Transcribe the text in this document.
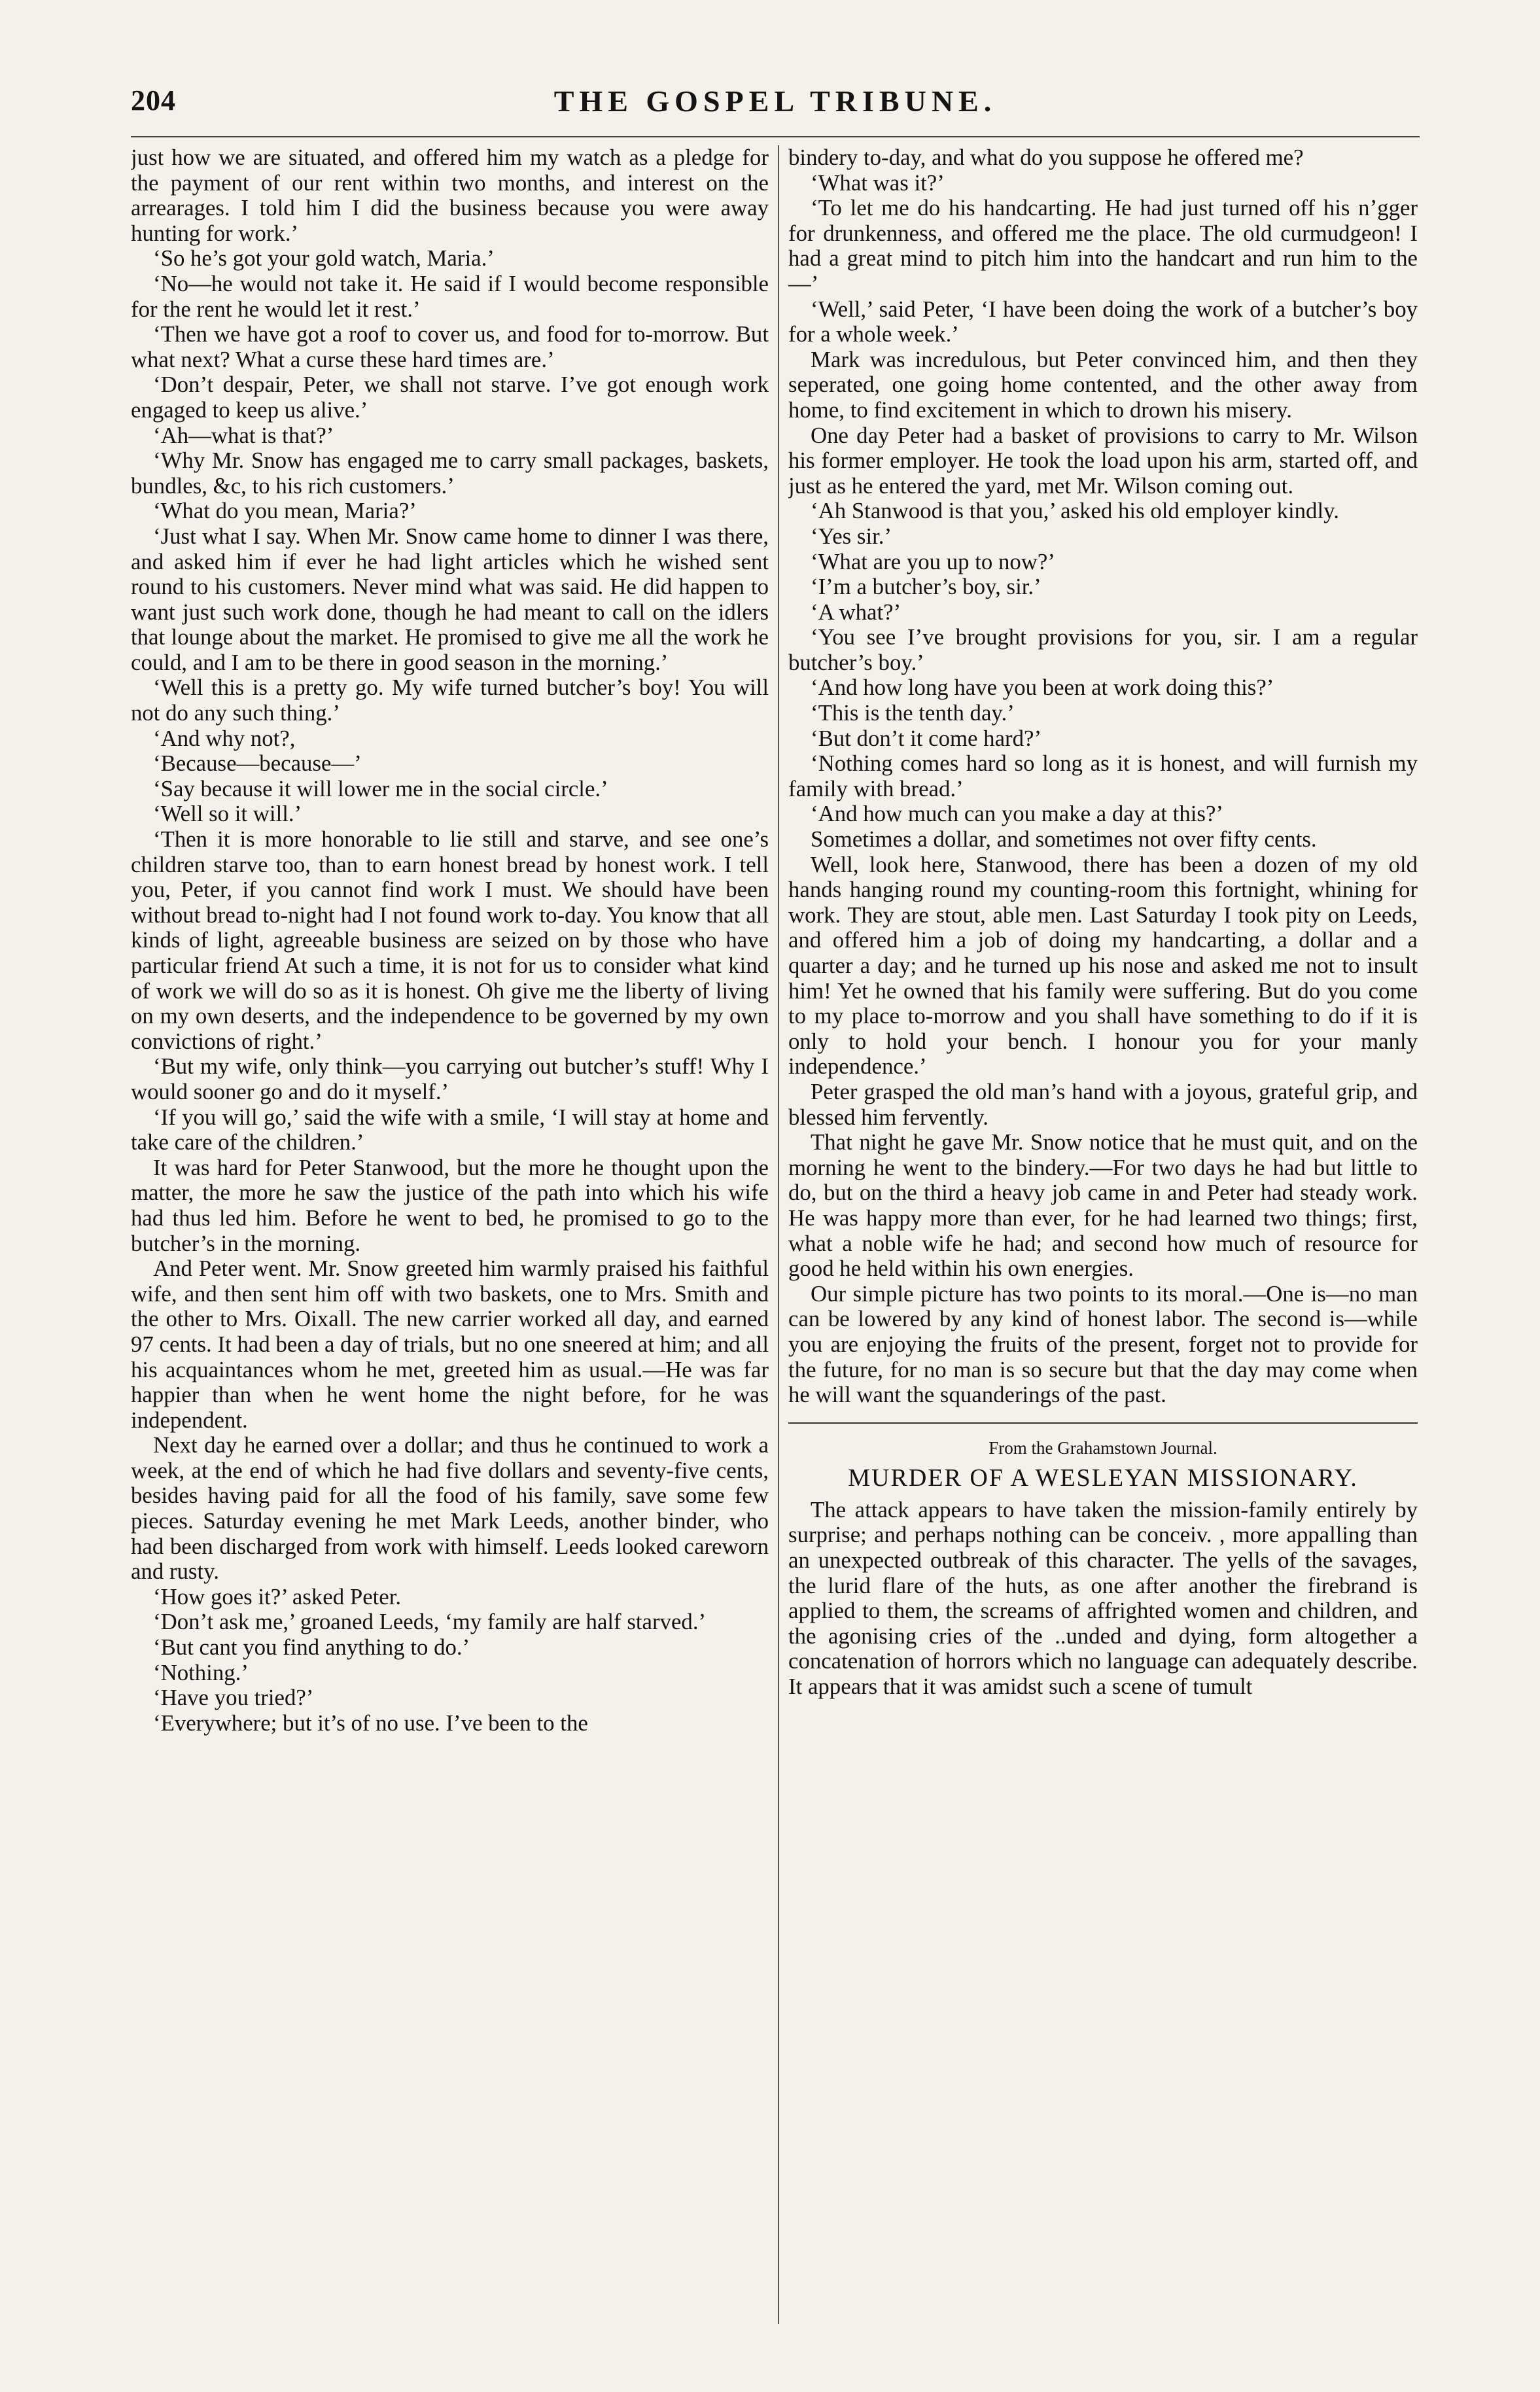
204	THE GOSPEL TRIBUNE.

just how we are situated, and offered him my watch as a pledge for the payment of our rent within two months, and interest on the arrearages. I told him I did the business because you were away hunting for work.’

‘So he’s got your gold watch, Maria.’

‘No—he would not take it. He said if I would become responsible for the rent he would let it rest.’

‘Then we have got a roof to cover us, and food for to-morrow. But what next? What a curse these hard times are.’

‘Don’t despair, Peter, we shall not starve. I’ve got enough work engaged to keep us alive.’

‘Ah—what is that?’

‘Why Mr. Snow has engaged me to carry small packages, baskets, bundles, &c, to his rich customers.’

‘What do you mean, Maria?’

‘Just what I say. When Mr. Snow came home to dinner I was there, and asked him if ever he had light articles which he wished sent round to his customers. Never mind what was said. He did happen to want just such work done, though he had meant to call on the idlers that lounge about the market. He promised to give me all the work he could, and I am to be there in good season in the morning.’

‘Well this is a pretty go. My wife turned butcher’s boy! You will not do any such thing.’

‘And why not?,

‘Because—because—’

‘Say because it will lower me in the social circle.’

‘Well so it will.’

‘Then it is more honorable to lie still and starve, and see one’s children starve too, than to earn honest bread by honest work. I tell you, Peter, if you cannot find work I must. We should have been without bread to-night had I not found work to-day. You know that all kinds of light, agreeable business are seized on by those who have particular friend At such a time, it is not for us to consider what kind of work we will do so as it is honest. Oh give me the liberty of living on my own deserts, and the independence to be governed by my own convictions of right.’

‘But my wife, only think—you carrying out butcher’s stuff! Why I would sooner go and do it myself.’

‘If you will go,’ said the wife with a smile, ‘I will stay at home and take care of the children.’

It was hard for Peter Stanwood, but the more he thought upon the matter, the more he saw the justice of the path into which his wife had thus led him. Before he went to bed, he promised to go to the butcher’s in the morning.

And Peter went. Mr. Snow greeted him warmly praised his faithful wife, and then sent him off with two baskets, one to Mrs. Smith and the other to Mrs. Oixall. The new carrier worked all day, and earned 97 cents. It had been a day of trials, but no one sneered at him; and all his acquaintances whom he met, greeted him as usual.—He was far happier than when he went home the night before, for he was independent.

Next day he earned over a dollar; and thus he continued to work a week, at the end of which he had five dollars and seventy-five cents, besides having paid for all the food of his family, save some few pieces. Saturday evening he met Mark Leeds, another binder, who had been discharged from work with himself. Leeds looked careworn and rusty.

‘How goes it?’ asked Peter.

‘Don’t ask me,’ groaned Leeds, ‘my family are half starved.’

‘But cant you find anything to do.’

‘Nothing.’

‘Have you tried?’

‘Everywhere; but it’s of no use. I’ve been to the

bindery to-day, and what do you suppose he offered me?

‘What was it?’

‘To let me do his handcarting. He had just turned off his n’gger for drunkenness, and offered me the place. The old curmudgeon! I had a great mind to pitch him into the handcart and run him to the—’

‘Well,’ said Peter, ‘I have been doing the work of a butcher’s boy for a whole week.’

Mark was incredulous, but Peter convinced him, and then they seperated, one going home contented, and the other away from home, to find excitement in which to drown his misery.

One day Peter had a basket of provisions to carry to Mr. Wilson his former employer. He took the load upon his arm, started off, and just as he entered the yard, met Mr. Wilson coming out.

‘Ah Stanwood is that you,’ asked his old employer kindly.

‘Yes sir.’

‘What are you up to now?’

‘I’m a butcher’s boy, sir.’

‘A what?’

‘You see I’ve brought provisions for you, sir. I am a regular butcher’s boy.’

‘And how long have you been at work doing this?’

‘This is the tenth day.’

‘But don’t it come hard?’

‘Nothing comes hard so long as it is honest, and will furnish my family with bread.’

‘And how much can you make a day at this?’

Sometimes a dollar, and sometimes not over fifty cents.

Well, look here, Stanwood, there has been a dozen of my old hands hanging round my counting-room this fortnight, whining for work. They are stout, able men. Last Saturday I took pity on Leeds, and offered him a job of doing my handcarting, a dollar and a quarter a day; and he turned up his nose and asked me not to insult him! Yet he owned that his family were suffering. But do you come to my place to-morrow and you shall have something to do if it is only to hold your bench. I honour you for your manly independence.’

Peter grasped the old man’s hand with a joyous, grateful grip, and blessed him fervently.

That night he gave Mr. Snow notice that he must quit, and on the morning he went to the bindery.—For two days he had but little to do, but on the third a heavy job came in and Peter had steady work. He was happy more than ever, for he had learned two things; first, what a noble wife he had; and second how much of resource for good he held within his own energies.

Our simple picture has two points to its moral.—One is—no man can be lowered by any kind of honest labor. The second is—while you are enjoying the fruits of the present, forget not to provide for the future, for no man is so secure but that the day may come when he will want the squanderings of the past.

From the Grahamstown Journal.
MURDER OF A WESLEYAN MISSIONARY.

The attack appears to have taken the mission-family entirely by surprise; and perhaps nothing can be conceiv. , more appalling than an unexpected outbreak of this character. The yells of the savages, the lurid flare of the huts, as one after another the firebrand is applied to them, the screams of affrighted women and children, and the agonising cries of the ..unded and dying, form altogether a concatenation of horrors which no language can adequately describe. It appears that it was amidst such a scene of tumult
